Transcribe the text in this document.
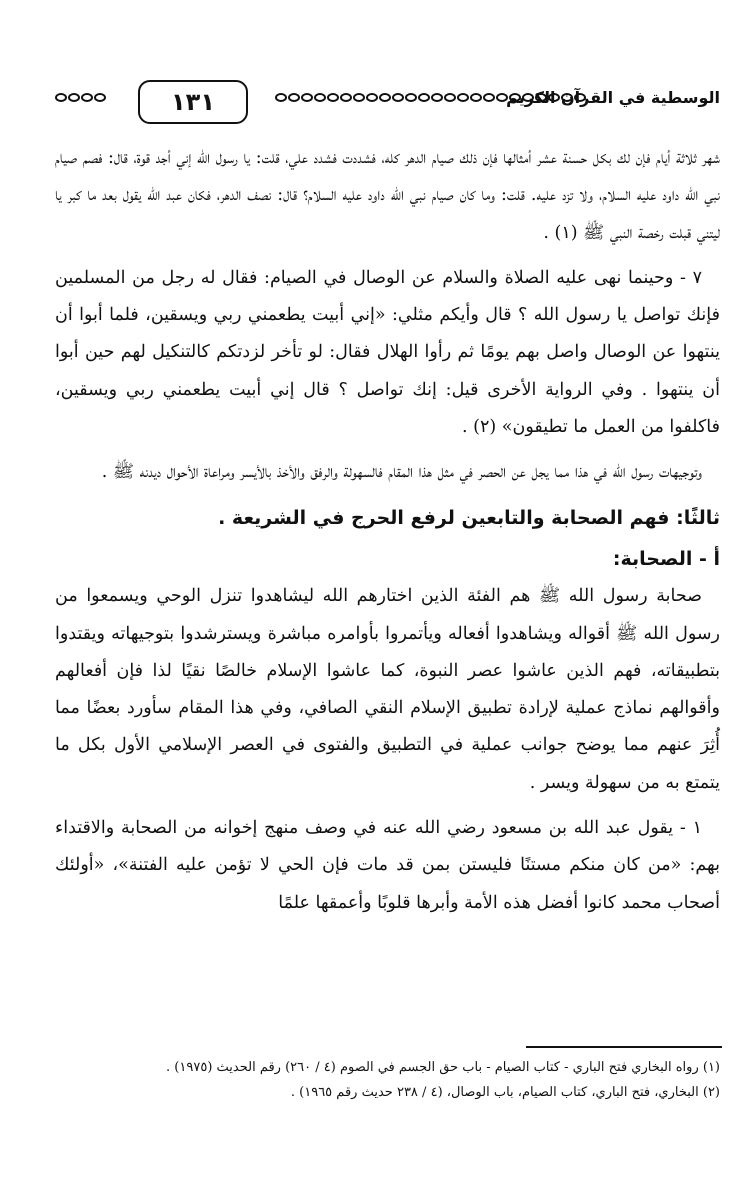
الوسطية في القرآن الكريم
١٣١

شهر ثلاثة أيام فإن لك بكل حسنة عشر أمثالها فإن ذلك صيام الدهر كله، فشددت فشدد علي، قلت: يا رسول الله إني أجد قوة، قال: فصم صيام نبي الله داود عليه السلام، ولا تزد عليه. قلت: وما كان صيام نبي الله داود عليه السلام؟ قال: نصف الدهر، فكان عبد الله يقول بعد ما كبر يا ليتني قبلت رخصة النبي ﷺ (١) .

٧ - وحينما نهى عليه الصلاة والسلام عن الوصال في الصيام: فقال له رجل من المسلمين فإنك تواصل يا رسول الله ؟ قال وأيكم مثلي: «إني أبيت يطعمني ربي ويسقين، فلما أبوا أن ينتهوا عن الوصال واصل بهم يومًا ثم رأوا الهلال فقال: لو تأخر لزدتكم كالتنكيل لهم حين أبوا أن ينتهوا . وفي الرواية الأخرى قيل: إنك تواصل ؟ قال إني أبيت يطعمني ربي ويسقين، فاكلفوا من العمل ما تطيقون» (٢) .

وتوجيهات رسول الله في هذا مما يجل عن الحصر في مثل هذا المقام فالسهولة والرفق والأخذ بالأيسر ومراعاة الأحوال ديدنه ﷺ .

ثالثًا: فهم الصحابة والتابعين لرفع الحرج في الشريعة .
أ - الصحابة:

صحابة رسول الله ﷺ هم الفئة الذين اختارهم الله ليشاهدوا تنزل الوحي ويسمعوا من رسول الله ﷺ أقواله ويشاهدوا أفعاله ويأتمروا بأوامره مباشرة ويسترشدوا بتوجيهاته ويقتدوا بتطبيقاته، فهم الذين عاشوا عصر النبوة، كما عاشوا الإسلام خالصًا نقيًا لذا فإن أفعالهم وأقوالهم نماذج عملية لإرادة تطبيق الإسلام النقي الصافي، وفي هذا المقام سأورد بعضًا مما أُثِرَ عنهم مما يوضح جوانب عملية في التطبيق والفتوى في العصر الإسلامي الأول بكل ما يتمتع به من سهولة ويسر .

١ - يقول عبد الله بن مسعود رضي الله عنه في وصف منهج إخوانه من الصحابة والاقتداء بهم: «من كان منكم مستنًا فليستن بمن قد مات فإن الحي لا تؤمن عليه الفتنة»، «أولئك أصحاب محمد كانوا أفضل هذه الأمة وأبرها قلوبًا وأعمقها علمًا

(١) رواه البخاري فتح الباري - كتاب الصيام - باب حق الجسم في الصوم (٤ / ٢٦٠) رقم الحديث (١٩٧٥) .
(٢) البخاري، فتح الباري، كتاب الصيام، باب الوصال، (٤ / ٢٣٨ حديث رقم ١٩٦٥) .
